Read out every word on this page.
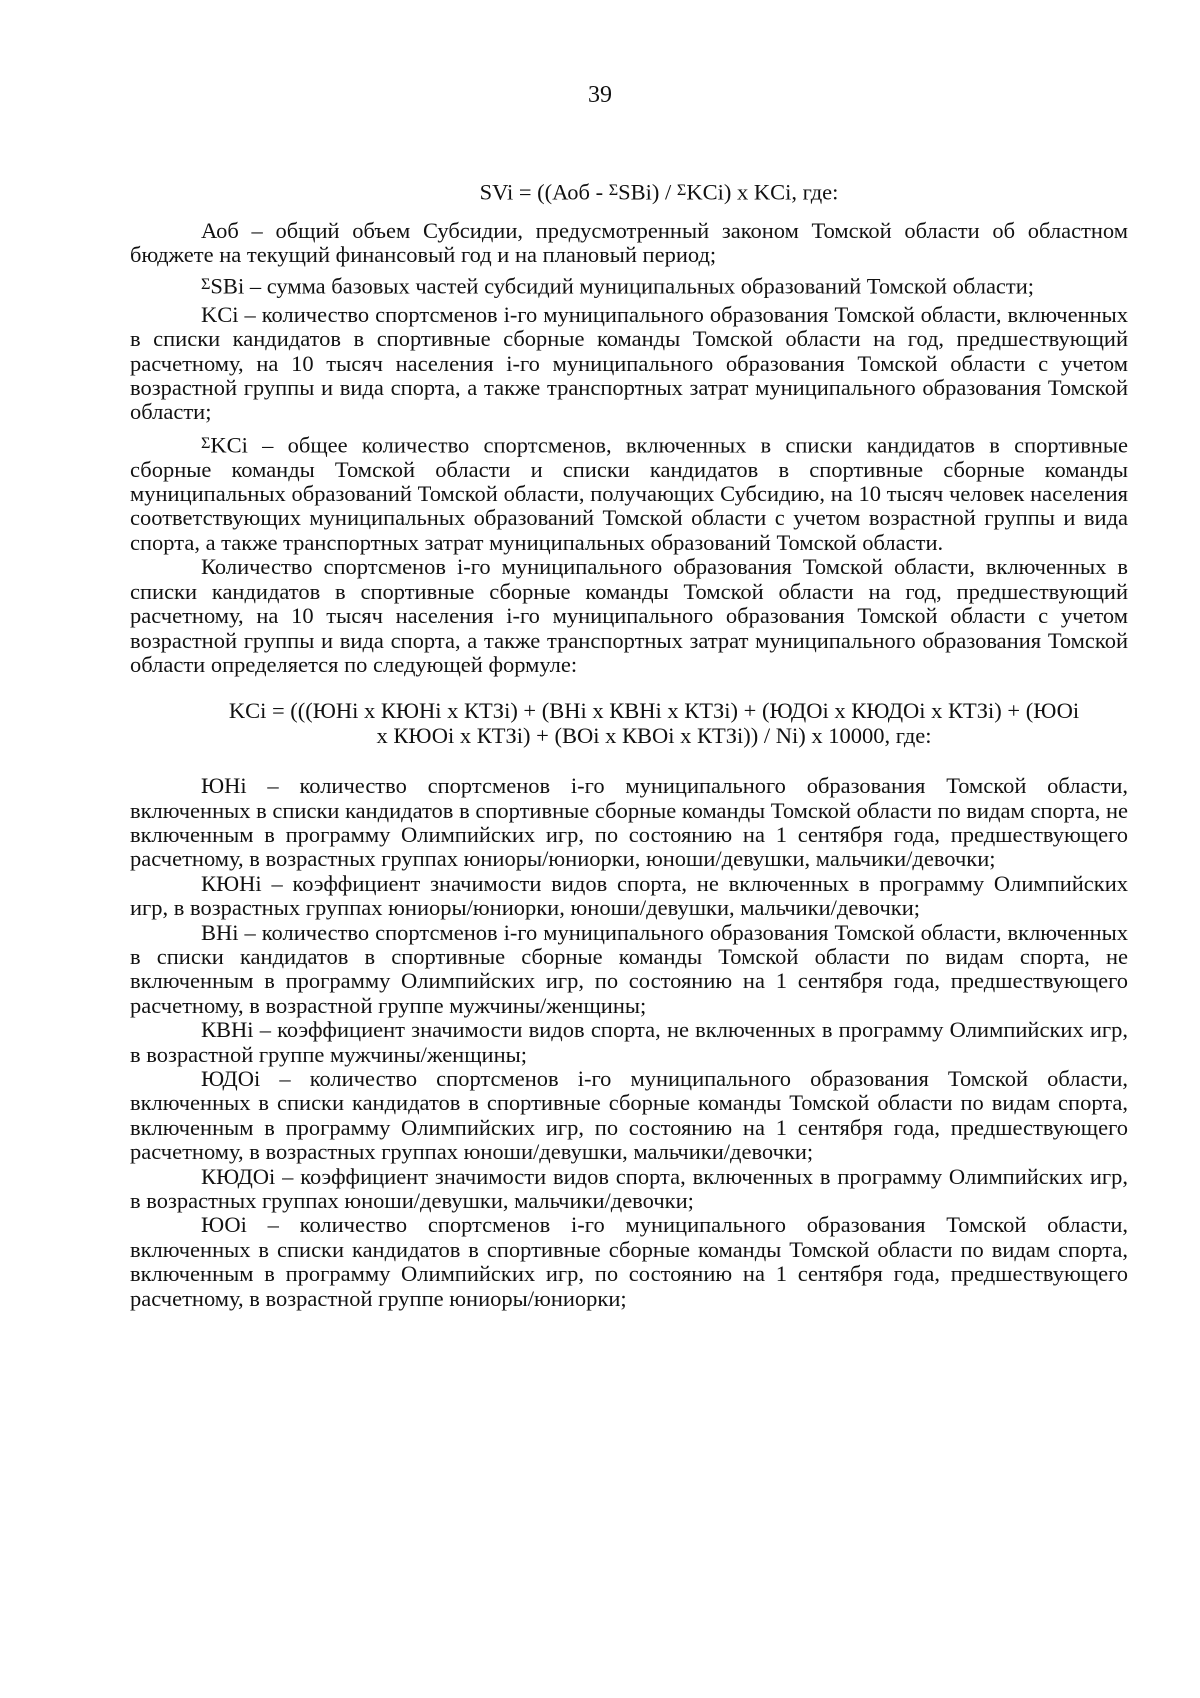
39
SVi = ((Аоб - $^\Sigma$SBi) / $^\Sigma$KCi) x KCi, где:

Аоб – общий объем Субсидии, предусмотренный законом Томской области об областном бюджете на текущий финансовый год и на плановый период;

$^\Sigma$SBi – сумма базовых частей субсидий муниципальных образований Томской области;

KCi – количество спортсменов i-го муниципального образования Томской области, включенных в списки кандидатов в спортивные сборные команды Томской области на год, предшествующий расчетному, на 10 тысяч населения i-го муниципального образования Томской области с учетом возрастной группы и вида спорта, а также транспортных затрат муниципального образования Томской области;

$^\Sigma$KCi – общее количество спортсменов, включенных в списки кандидатов в спортивные сборные команды Томской области и списки кандидатов в спортивные сборные команды муниципальных образований Томской области, получающих Субсидию, на 10 тысяч человек населения соответствующих муниципальных образований Томской области с учетом возрастной группы и вида спорта, а также транспортных затрат муниципальных образований Томской области.

Количество спортсменов i-го муниципального образования Томской области, включенных в списки кандидатов в спортивные сборные команды Томской области на год, предшествующий расчетному, на 10 тысяч населения i-го муниципального образования Томской области с учетом возрастной группы и вида спорта, а также транспортных затрат муниципального образования Томской области определяется по следующей формуле:

KCi = (((ЮНi x КЮНi x КТЗi) + (ВНi x КВНi x КТЗi) + (ЮДОi x КЮДОi x КТЗi) + (ЮОi
x КЮОi x КТЗi) + (ВОi x КВОi x КТЗi)) / Ni) x 10000, где:

ЮНi – количество спортсменов i-го муниципального образования Томской области, включенных в списки кандидатов в спортивные сборные команды Томской области по видам спорта, не включенным в программу Олимпийских игр, по состоянию на 1 сентября года, предшествующего расчетному, в возрастных группах юниоры/юниорки, юноши/девушки, мальчики/девочки;

КЮНi – коэффициент значимости видов спорта, не включенных в программу Олимпийских игр, в возрастных группах юниоры/юниорки, юноши/девушки, мальчики/девочки;

ВНi – количество спортсменов i-го муниципального образования Томской области, включенных в списки кандидатов в спортивные сборные команды Томской области по видам спорта, не включенным в программу Олимпийских игр, по состоянию на 1 сентября года, предшествующего расчетному, в возрастной группе мужчины/женщины;

КВНi – коэффициент значимости видов спорта, не включенных в программу Олимпийских игр, в возрастной группе мужчины/женщины;

ЮДОi – количество спортсменов i-го муниципального образования Томской области, включенных в списки кандидатов в спортивные сборные команды Томской области по видам спорта, включенным в программу Олимпийских игр, по состоянию на 1 сентября года, предшествующего расчетному, в возрастных группах юноши/девушки, мальчики/девочки;

КЮДОi – коэффициент значимости видов спорта, включенных в программу Олимпийских игр, в возрастных группах юноши/девушки, мальчики/девочки;

ЮОi – количество спортсменов i-го муниципального образования Томской области, включенных в списки кандидатов в спортивные сборные команды Томской области по видам спорта, включенным в программу Олимпийских игр, по состоянию на 1 сентября года, предшествующего расчетному, в возрастной группе юниоры/юниорки;
